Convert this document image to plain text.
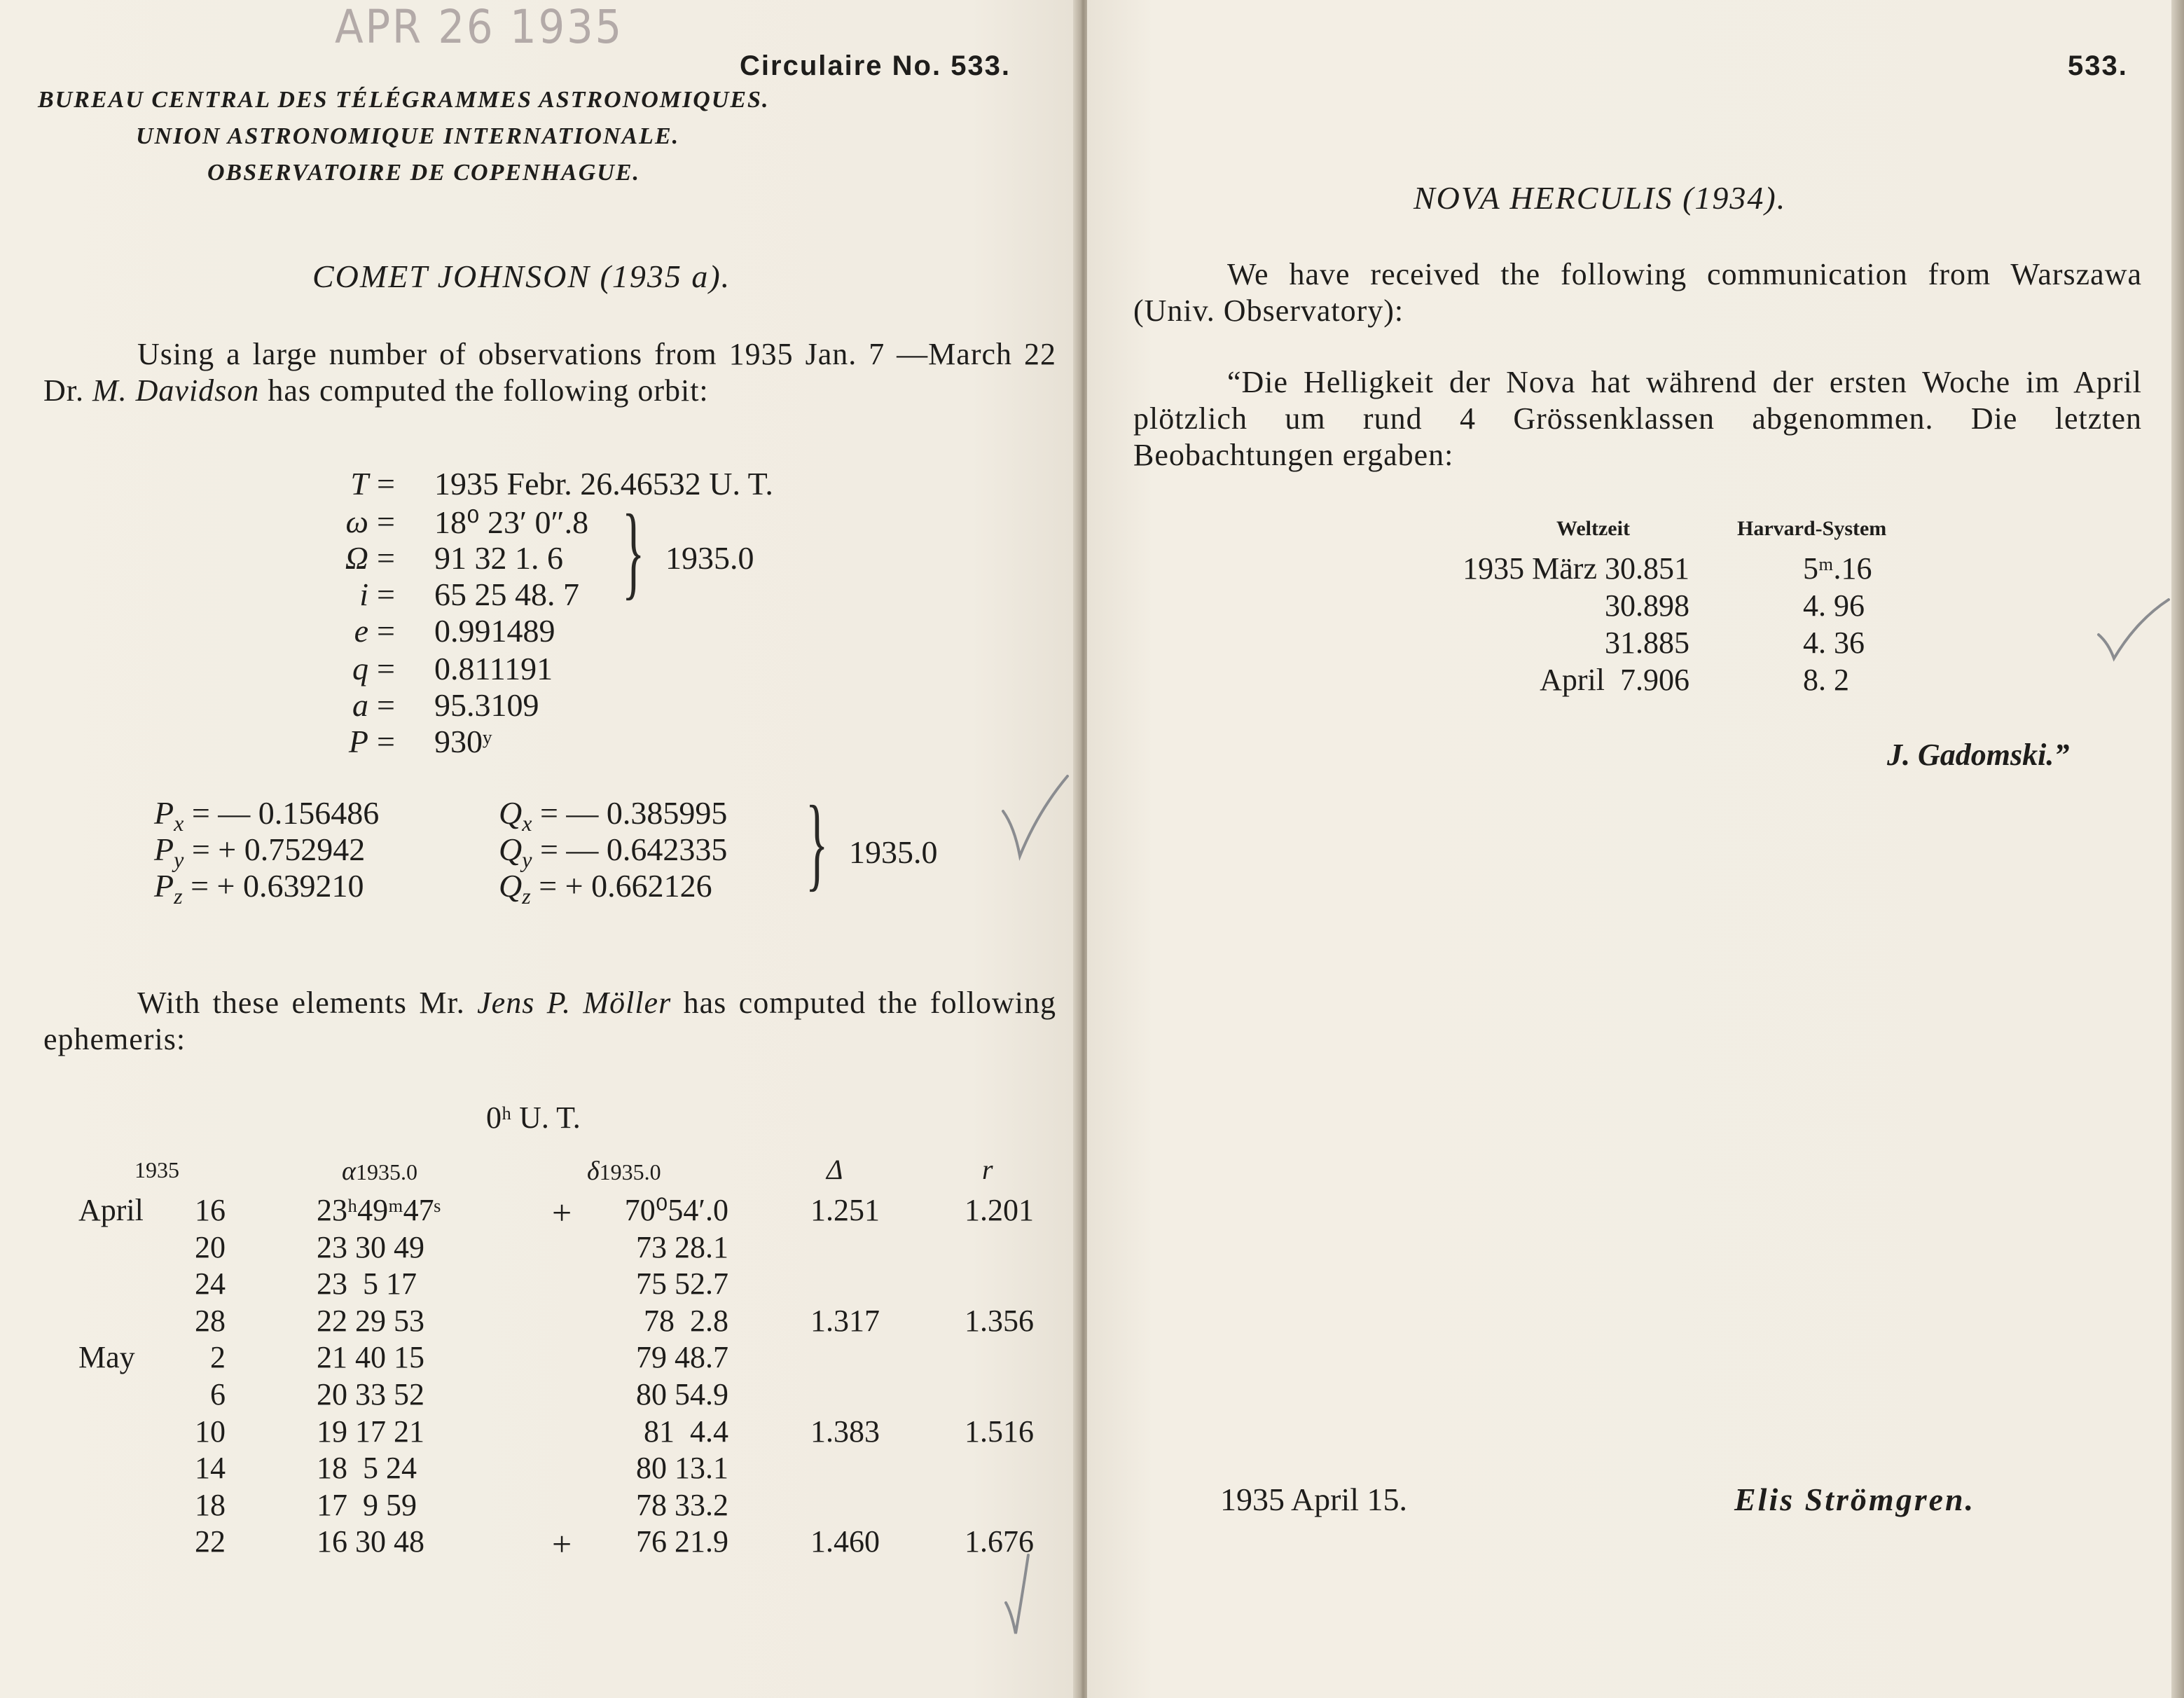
APR 26 1935
Circulaire No. 533.
BUREAU CENTRAL DES TÉLÉGRAMMES ASTRONOMIQUES.
UNION ASTRONOMIQUE INTERNATIONALE.
OBSERVATOIRE DE COPENHAGUE.
COMET JOHNSON (1935 a).
Using a large number of observations from 1935 Jan. 7 —March 22 Dr. M. Davidson has computed the following orbit:
T = 1935 Febr. 26.46532 U. T.
ω = 18⁰ 23′ 0″.8
Ω = 91 32 1. 6
i = 65 25 48. 7 } 1935.0
e = 0.991489
q = 0.811191
a = 95.3109
P = 930ʸ
$P_x$ = — 0.156486	$Q_x$ = — 0.385995
$P_y$ = + 0.752942	$Q_y$ = — 0.642335
$P_z$ = + 0.639210	$Q_z$ = + 0.662126 } 1935.0
With these elements Mr. Jens P. Möller has computed the following ephemeris:
0ʰ U. T.
1935	α1935.0	δ1935.0	Δ	r
April	16	23ʰ49ᵐ47ˢ	+	70⁰54′.0	1.251	1.201
20	23 30 49	73 28.1
24	23  5 17	75 52.7
28	22 29 53	78  2.8	1.317	1.356
May	2	21 40 15	79 48.7
6	20 33 52	80 54.9
10	19 17 21	81  4.4	1.383	1.516
14	18  5 24	80 13.1
18	17  9 59	78 33.2
22	16 30 48	+	76 21.9	1.460	1.676
533.
NOVA HERCULIS (1934).
We have received the following communication from Warszawa (Univ. Observatory):
“Die Helligkeit der Nova hat während der ersten Woche im April plötzlich um rund 4 Grössenklassen abgenommen. Die letzten Beobachtungen ergaben:
Weltzeit	Harvard-System
1935 März 30.851	5ᵐ.16
30.898	4. 96
31.885	4. 36
April  7.906	8. 2
J. Gadomski.”
1935 April 15.	Elis Strömgren.
